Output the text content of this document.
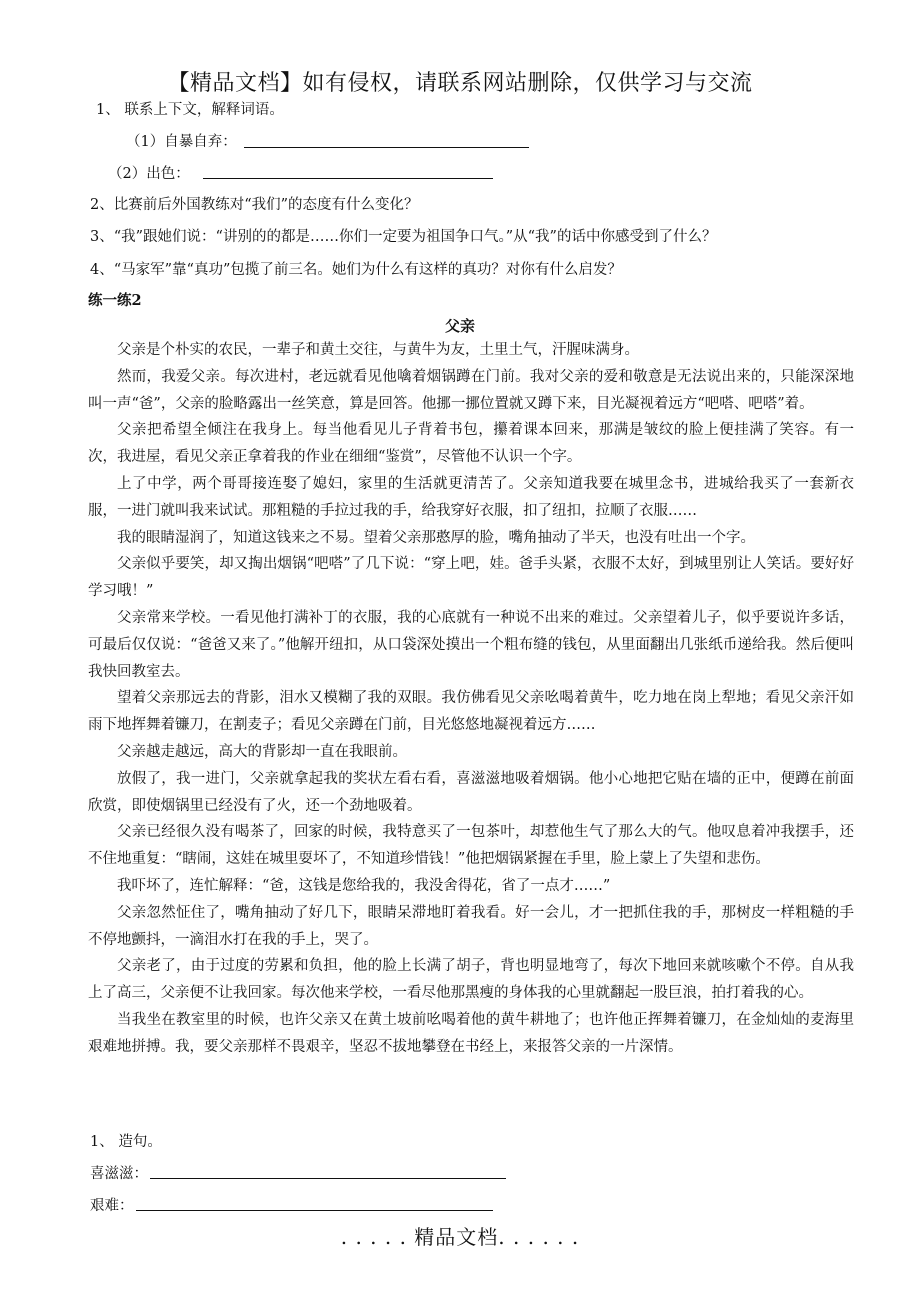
【精品文档】如有侵权，请联系网站删除，仅供学习与交流
1、 联系上下文，解释词语。
（1）自暴自弃：
（2）出色：
2、比赛前后外国教练对“我们”的态度有什么变化？
3、“我”跟她们说：“讲别的的都是……你们一定要为祖国争口气。”从“我”的话中你感受到了什么？
4、“马家军”靠“真功”包揽了前三名。她们为什么有这样的真功？对你有什么启发？
练一练2
父亲

父亲是个朴实的农民，一辈子和黄土交往，与黄牛为友，土里土气，汗腥味满身。

然而，我爱父亲。每次进村，老远就看见他噙着烟锅蹲在门前。我对父亲的爱和敬意是无法说出来的，只能深深地叫一声“爸”，父亲的脸略露出一丝笑意，算是回答。他挪一挪位置就又蹲下来，目光凝视着远方“吧嗒、吧嗒”着。

父亲把希望全倾注在我身上。每当他看见儿子背着书包，攥着课本回来，那满是皱纹的脸上便挂满了笑容。有一次，我进屋，看见父亲正拿着我的作业在细细“鉴赏”，尽管他不认识一个字。

上了中学，两个哥哥接连娶了媳妇，家里的生活就更清苦了。父亲知道我要在城里念书，进城给我买了一套新衣服，一进门就叫我来试试。那粗糙的手拉过我的手，给我穿好衣服，扣了纽扣，拉顺了衣服……

我的眼睛湿润了，知道这钱来之不易。望着父亲那憨厚的脸，嘴角抽动了半天，也没有吐出一个字。

父亲似乎要笑，却又掏出烟锅“吧嗒”了几下说：“穿上吧，娃。爸手头紧，衣服不太好，到城里别让人笑话。要好好学习哦！”

父亲常来学校。一看见他打满补丁的衣服，我的心底就有一种说不出来的难过。父亲望着儿子，似乎要说许多话，可最后仅仅说：“爸爸又来了。”他解开纽扣，从口袋深处摸出一个粗布缝的钱包，从里面翻出几张纸币递给我。然后便叫我快回教室去。

望着父亲那远去的背影，泪水又模糊了我的双眼。我仿佛看见父亲吆喝着黄牛，吃力地在岗上犁地；看见父亲汗如雨下地挥舞着镰刀，在割麦子；看见父亲蹲在门前，目光悠悠地凝视着远方……

父亲越走越远，高大的背影却一直在我眼前。

放假了，我一进门，父亲就拿起我的奖状左看右看，喜滋滋地吸着烟锅。他小心地把它贴在墙的正中，便蹲在前面欣赏，即使烟锅里已经没有了火，还一个劲地吸着。

父亲已经很久没有喝茶了，回家的时候，我特意买了一包茶叶，却惹他生气了那么大的气。他叹息着冲我摆手，还不住地重复：“瞎闹，这娃在城里耍坏了，不知道珍惜钱！”他把烟锅紧握在手里，脸上蒙上了失望和悲伤。

我吓坏了，连忙解释：“爸，这钱是您给我的，我没舍得花，省了一点才……”

父亲忽然怔住了，嘴角抽动了好几下，眼睛呆滞地盯着我看。好一会儿，才一把抓住我的手，那树皮一样粗糙的手不停地颤抖，一滴泪水打在我的手上，哭了。

父亲老了，由于过度的劳累和负担，他的脸上长满了胡子，背也明显地弯了，每次下地回来就咳嗽个不停。自从我上了高三，父亲便不让我回家。每次他来学校，一看尽他那黑瘦的身体我的心里就翻起一股巨浪，拍打着我的心。

当我坐在教室里的时候，也许父亲又在黄土坡前吆喝着他的黄牛耕地了；也许他正挥舞着镰刀，在金灿灿的麦海里艰难地拼搏。我，要父亲那样不畏艰辛，坚忍不拔地攀登在书经上，来报答父亲的一片深情。

1、 造句。
喜滋滋：
艰难：
. . . . . 精品文档. . . . . .
